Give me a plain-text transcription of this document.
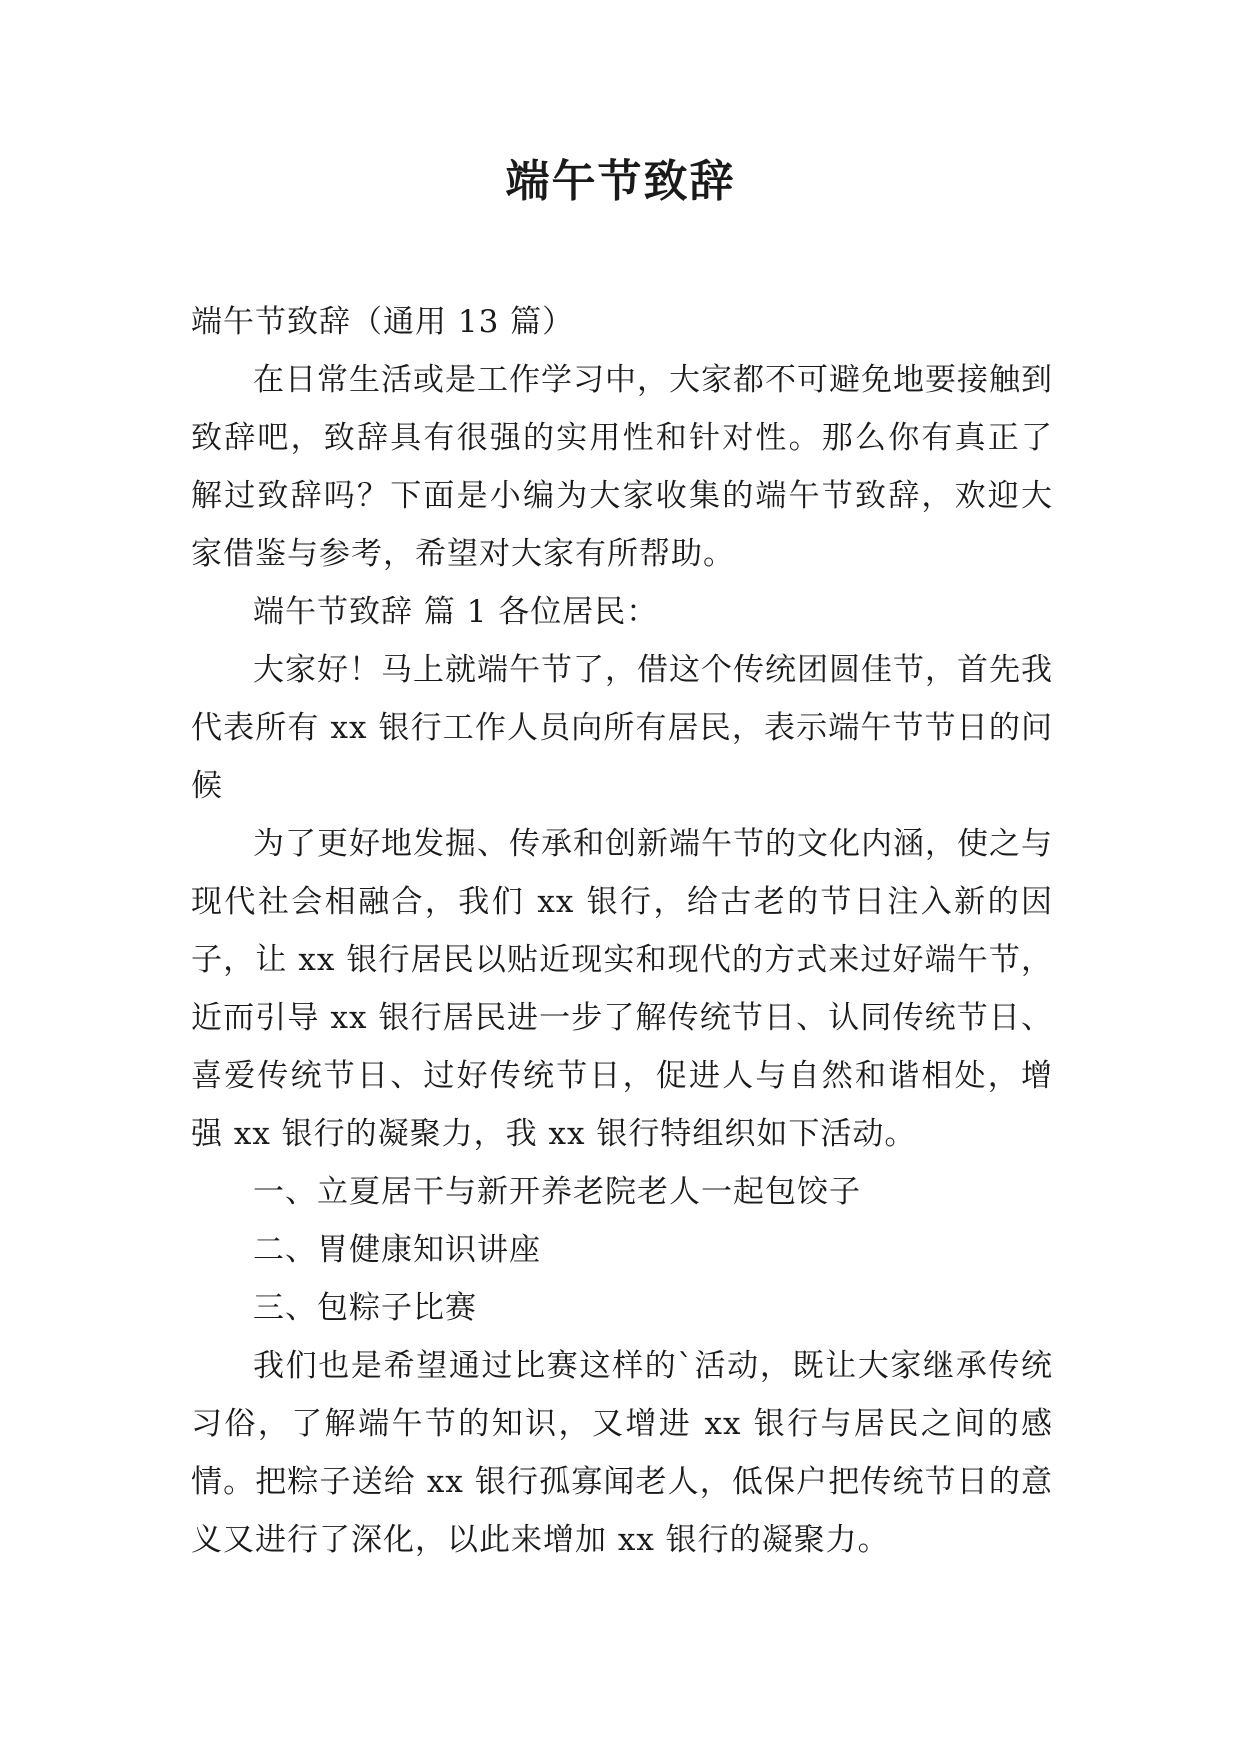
端午节致辞

端午节致辞（通用 13 篇）

在日常生活或是工作学习中，大家都不可避免地要接触到致辞吧，致辞具有很强的实用性和针对性。那么你有真正了解过致辞吗？下面是小编为大家收集的端午节致辞，欢迎大家借鉴与参考，希望对大家有所帮助。

端午节致辞 篇 1 各位居民：

大家好！马上就端午节了，借这个传统团圆佳节，首先我代表所有 xx 银行工作人员向所有居民，表示端午节节日的问候

为了更好地发掘、传承和创新端午节的文化内涵，使之与现代社会相融合，我们 xx 银行，给古老的节日注入新的因子，让 xx 银行居民以贴近现实和现代的方式来过好端午节，近而引导 xx 银行居民进一步了解传统节日、认同传统节日、喜爱传统节日、过好传统节日，促进人与自然和谐相处，增强 xx 银行的凝聚力，我 xx 银行特组织如下活动。

一、立夏居干与新开养老院老人一起包饺子

二、胃健康知识讲座

三、包粽子比赛

我们也是希望通过比赛这样的`活动，既让大家继承传统习俗，了解端午节的知识，又增进 xx 银行与居民之间的感情。把粽子送给 xx 银行孤寡闻老人，低保户把传统节日的意义又进行了深化，以此来增加 xx 银行的凝聚力。
